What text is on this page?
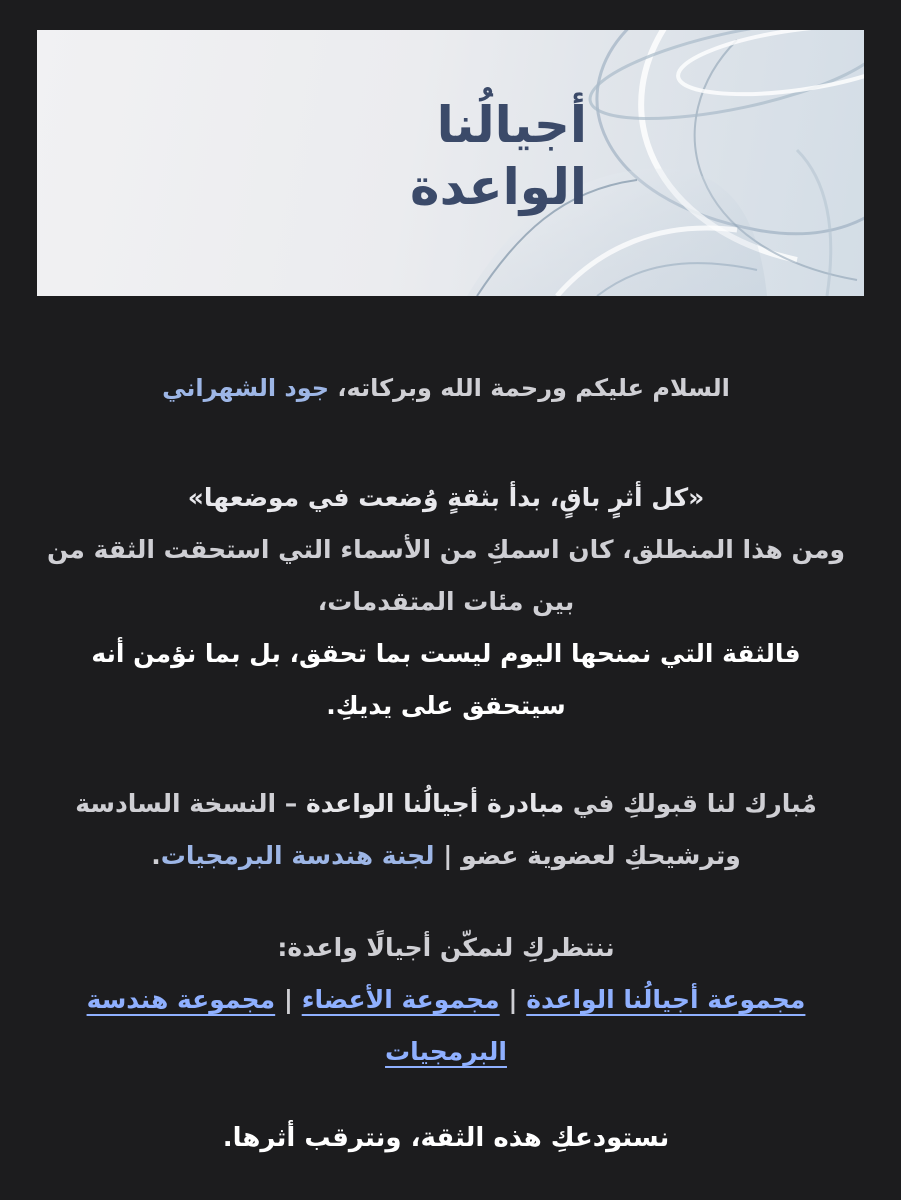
أجيالُنا
الواعدة
السلام عليكم ورحمة الله وبركاته، جود الشهراني
«كل أثرٍ باقٍ، بدأ بثقةٍ وُضعت في موضعها»
ومن هذا المنطلق، كان اسمكِ من الأسماء التي استحقت الثقة من بين مئات المتقدمات،
فالثقة التي نمنحها اليوم ليست بما تحقق، بل بما نؤمن أنه سيتحقق على يديكِ.
مُبارك لنا قبولكِ في مبادرة أجيالُنا الواعدة – النسخة السادسة وترشيحكِ لعضوية عضو | لجنة هندسة البرمجيات.
ننتظركِ لنمكّن أجيالًا واعدة:
مجموعة أجيالُنا الواعدة | مجموعة الأعضاء | مجموعة هندسة البرمجيات
نستودعكِ هذه الثقة، ونترقب أثرها.
